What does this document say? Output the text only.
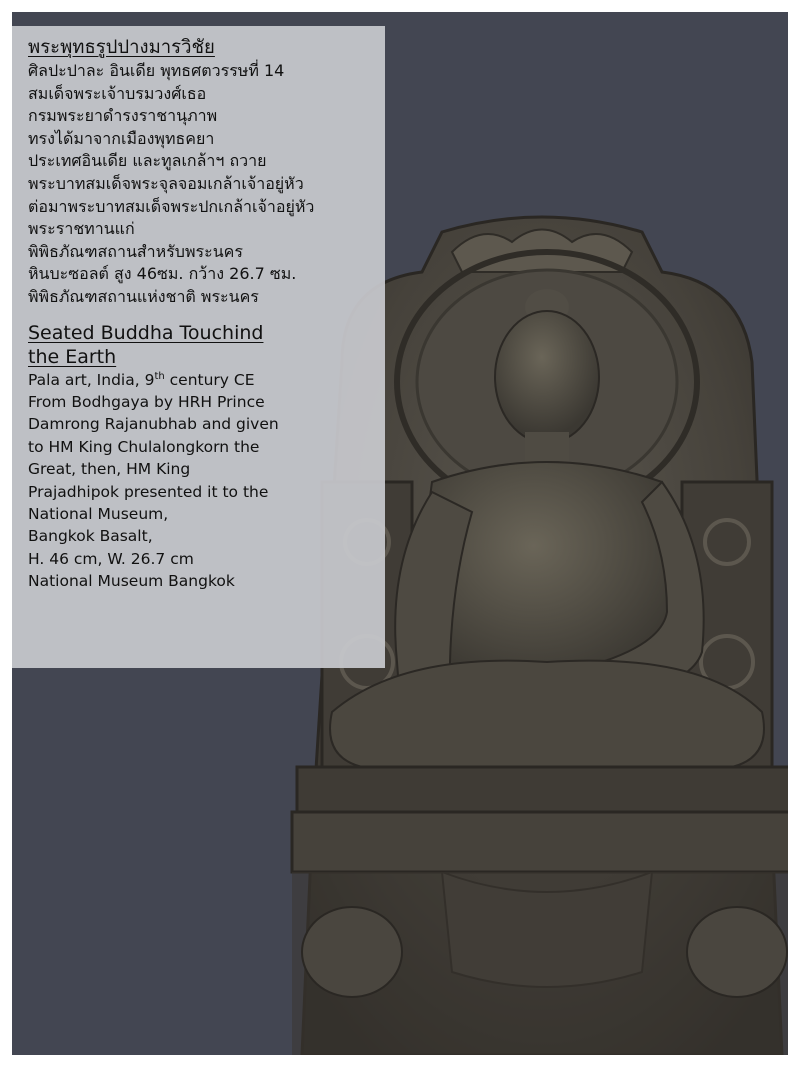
พระพุทธรูปปางมารวิชัย

ศิลปะปาละ อินเดีย พุทธศตวรรษที่ 14

สมเด็จพระเจ้าบรมวงศ์เธอ

กรมพระยาดำรงราชานุภาพ

ทรงได้มาจากเมืองพุทธคยา

ประเทศอินเดีย และทูลเกล้าฯ ถวาย

พระบาทสมเด็จพระจุลจอมเกล้าเจ้าอยู่หัว

ต่อมาพระบาทสมเด็จพระปกเกล้าเจ้าอยู่หัว

พระราชทานแก่

พิพิธภัณฑสถานสำหรับพระนคร

หินบะซอลต์ สูง 46ซม. กว้าง 26.7 ซม.

พิพิธภัณฑสถานแห่งชาติ พระนคร

Seated Buddha Touchind the Earth

Pala art, India, 9th century CE

From Bodhgaya by HRH Prince

Damrong Rajanubhab and given

to HM King Chulalongkorn the

Great, then, HM King

Prajadhipok presented it to the

National Museum,

Bangkok Basalt,

H. 46 cm, W. 26.7 cm

National Museum Bangkok
